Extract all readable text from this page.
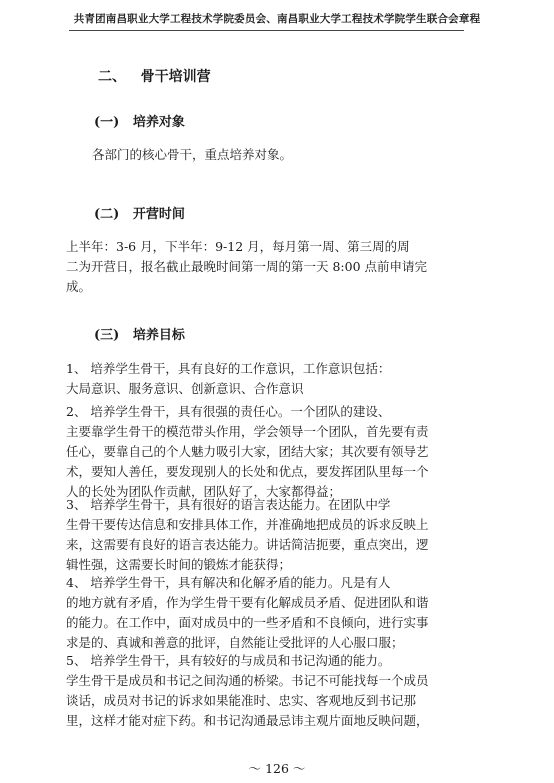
共青团南昌职业大学工程技术学院委员会、南昌职业大学工程技术学院学生联合会章程
二、   骨干培训营
(一)   培养对象
各部门的核心骨干，重点培养对象。
(二)   开营时间
上半年：3-6 月，下半年：9-12 月，每月第一周、第三周的周
二为开营日，报名截止最晚时间第一周的第一天 8:00 点前申请完
成。
(三)   培养目标
1、 培养学生骨干，具有良好的工作意识，工作意识包括：
大局意识、服务意识、创新意识、合作意识
2、 培养学生骨干，具有很强的责任心。一个团队的建设、
主要靠学生骨干的模范带头作用，学会领导一个团队，首先要有责
任心，要靠自己的个人魅力吸引大家，团结大家；其次要有领导艺
术，要知人善任，要发现别人的长处和优点，要发挥团队里每一个
人的长处为团队作贡献，团队好了，大家都得益；
3、 培养学生骨干，具有很好的语言表达能力。在团队中学
生骨干要传达信息和安排具体工作，并准确地把成员的诉求反映上
来，这需要有良好的语言表达能力。讲话简洁扼要，重点突出，逻
辑性强，这需要长时间的锻炼才能获得；
4、 培养学生骨干，具有解决和化解矛盾的能力。凡是有人
的地方就有矛盾，作为学生骨干要有化解成员矛盾、促进团队和谐
的能力。在工作中，面对成员中的一些矛盾和不良倾向，进行实事
求是的、真诚和善意的批评，自然能让受批评的人心服口服；
5、 培养学生骨干，具有较好的与成员和书记沟通的能力。
学生骨干是成员和书记之间沟通的桥梁。书记不可能找每一个成员
谈话，成员对书记的诉求如果能准时、忠实、客观地反到书记那
里，这样才能对症下药。和书记沟通最忌讳主观片面地反映问题，
～ 126 ～
